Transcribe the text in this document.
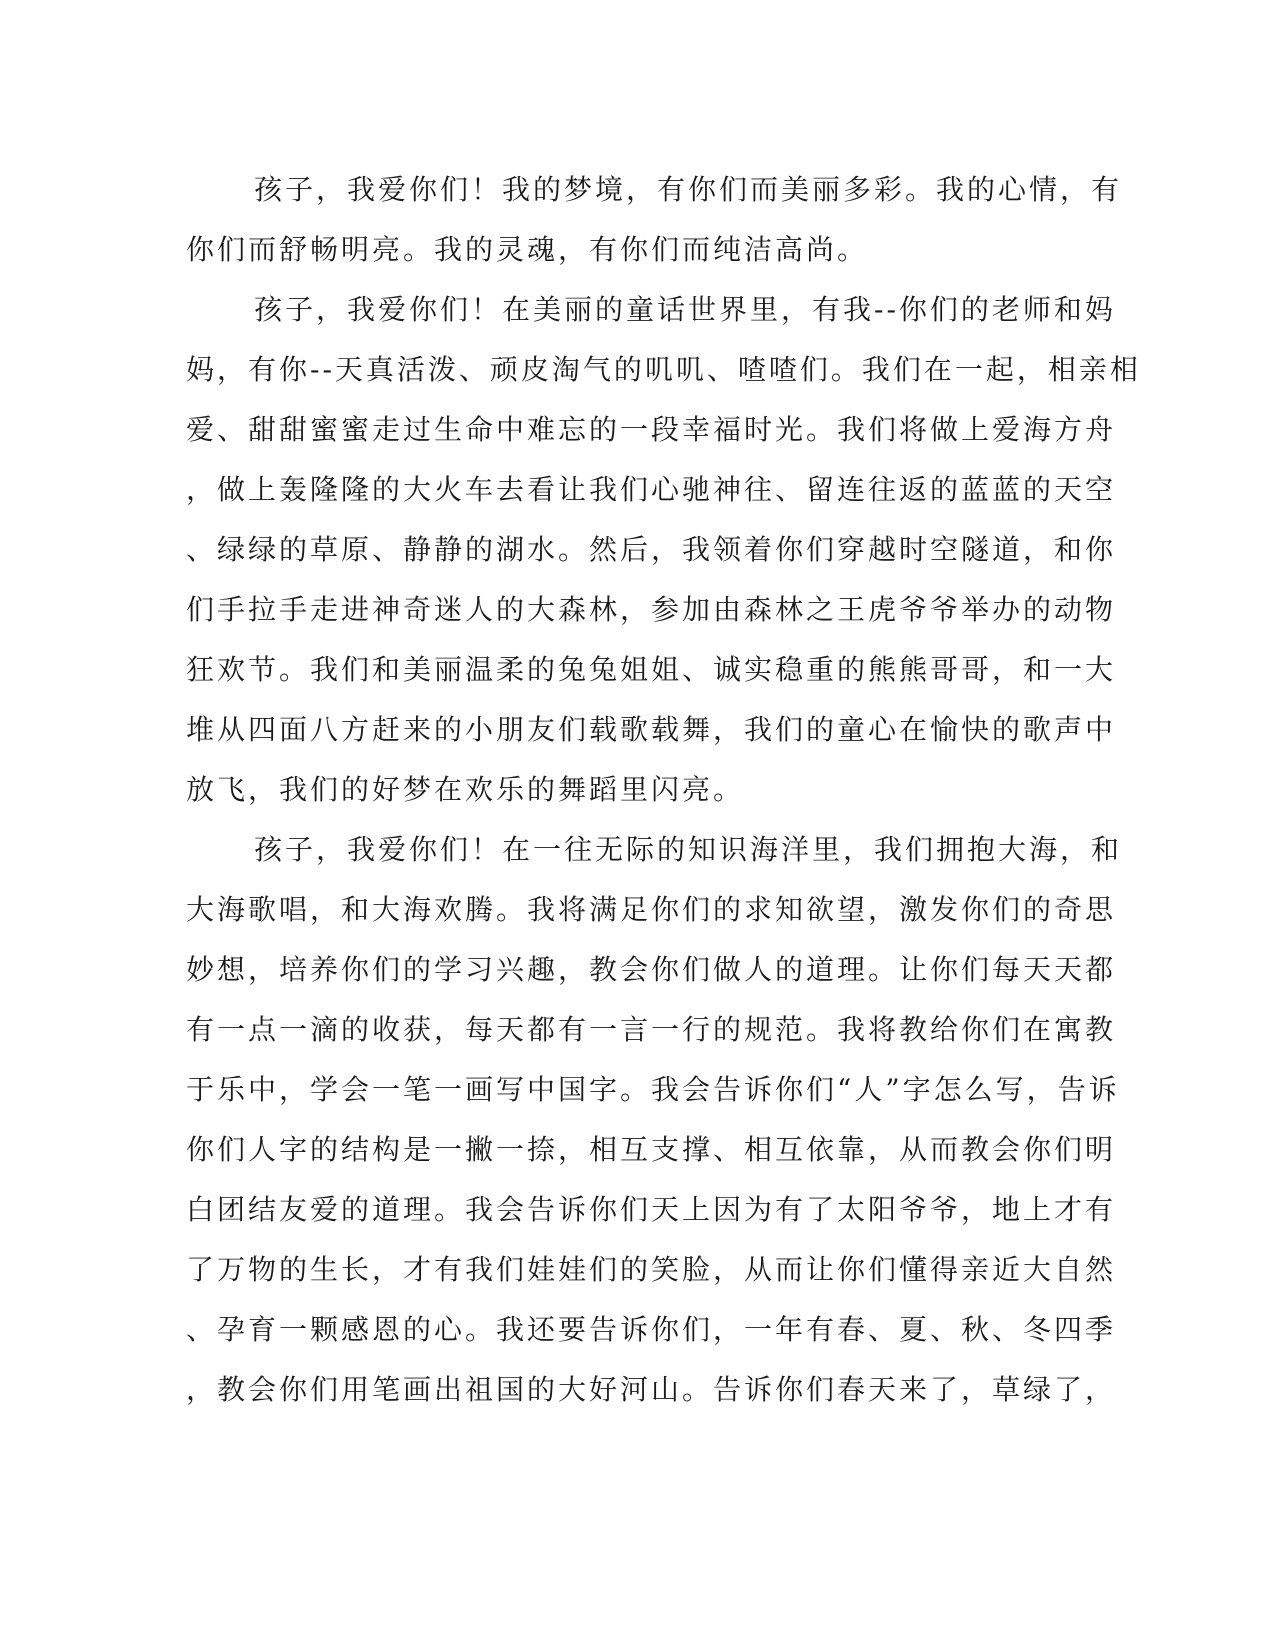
孩子，我爱你们！我的梦境，有你们而美丽多彩。我的心情，有
你们而舒畅明亮。我的灵魂，有你们而纯洁高尚。
孩子，我爱你们！在美丽的童话世界里，有我--你们的老师和妈
妈，有你--天真活泼、顽皮淘气的叽叽、喳喳们。我们在一起，相亲相
爱、甜甜蜜蜜走过生命中难忘的一段幸福时光。我们将做上爱海方舟
，做上轰隆隆的大火车去看让我们心驰神往、留连往返的蓝蓝的天空
、绿绿的草原、静静的湖水。然后，我领着你们穿越时空隧道，和你
们手拉手走进神奇迷人的大森林，参加由森林之王虎爷爷举办的动物
狂欢节。我们和美丽温柔的兔兔姐姐、诚实稳重的熊熊哥哥，和一大
堆从四面八方赶来的小朋友们载歌载舞，我们的童心在愉快的歌声中
放飞，我们的好梦在欢乐的舞蹈里闪亮。
孩子，我爱你们！在一往无际的知识海洋里，我们拥抱大海，和
大海歌唱，和大海欢腾。我将满足你们的求知欲望，激发你们的奇思
妙想，培养你们的学习兴趣，教会你们做人的道理。让你们每天天都
有一点一滴的收获，每天都有一言一行的规范。我将教给你们在寓教
于乐中，学会一笔一画写中国字。我会告诉你们“人”字怎么写，告诉
你们人字的结构是一撇一捺，相互支撑、相互依靠，从而教会你们明
白团结友爱的道理。我会告诉你们天上因为有了太阳爷爷，地上才有
了万物的生长，才有我们娃娃们的笑脸，从而让你们懂得亲近大自然
、孕育一颗感恩的心。我还要告诉你们，一年有春、夏、秋、冬四季
，教会你们用笔画出祖国的大好河山。告诉你们春天来了，草绿了，
